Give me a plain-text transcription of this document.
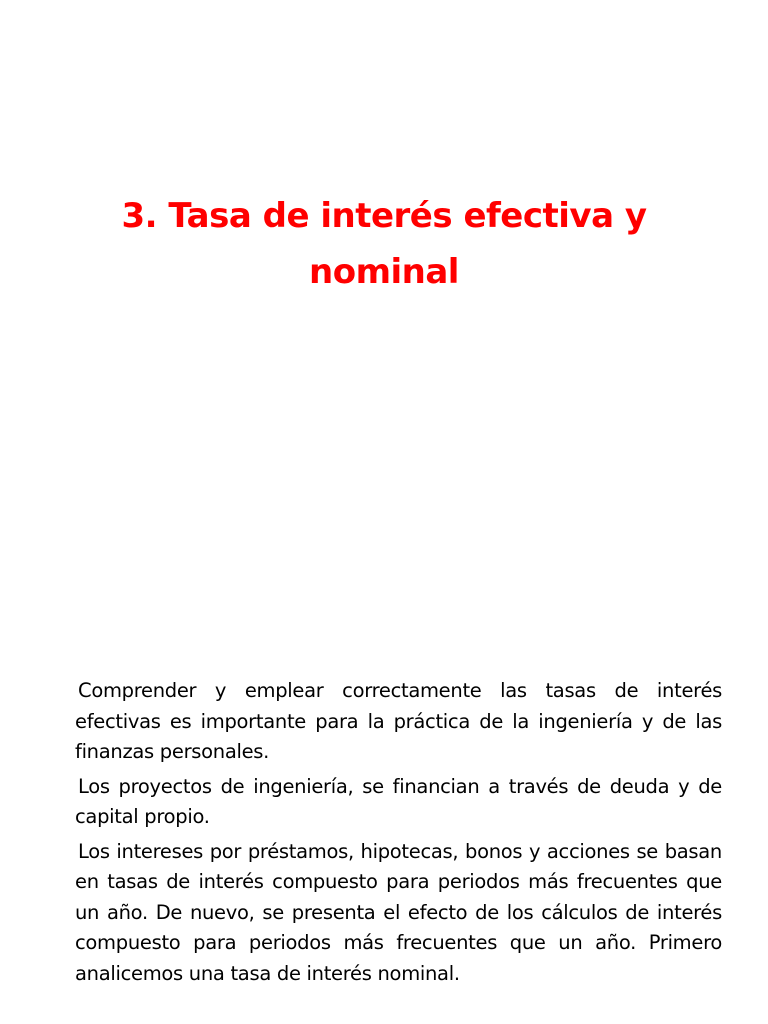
3. Tasa de interés efectiva y
nominal

Comprender y emplear correctamente las tasas de interés efectivas es importante para la práctica de la ingeniería y de las finanzas personales.

Los proyectos de ingeniería, se financian a través de deuda y de capital propio.

Los intereses por préstamos, hipotecas, bonos y acciones se basan en tasas de interés compuesto para periodos más frecuentes que un año. De nuevo, se presenta el efecto de los cálculos de interés compuesto para periodos más frecuentes que un año. Primero analicemos una tasa de interés nominal.
